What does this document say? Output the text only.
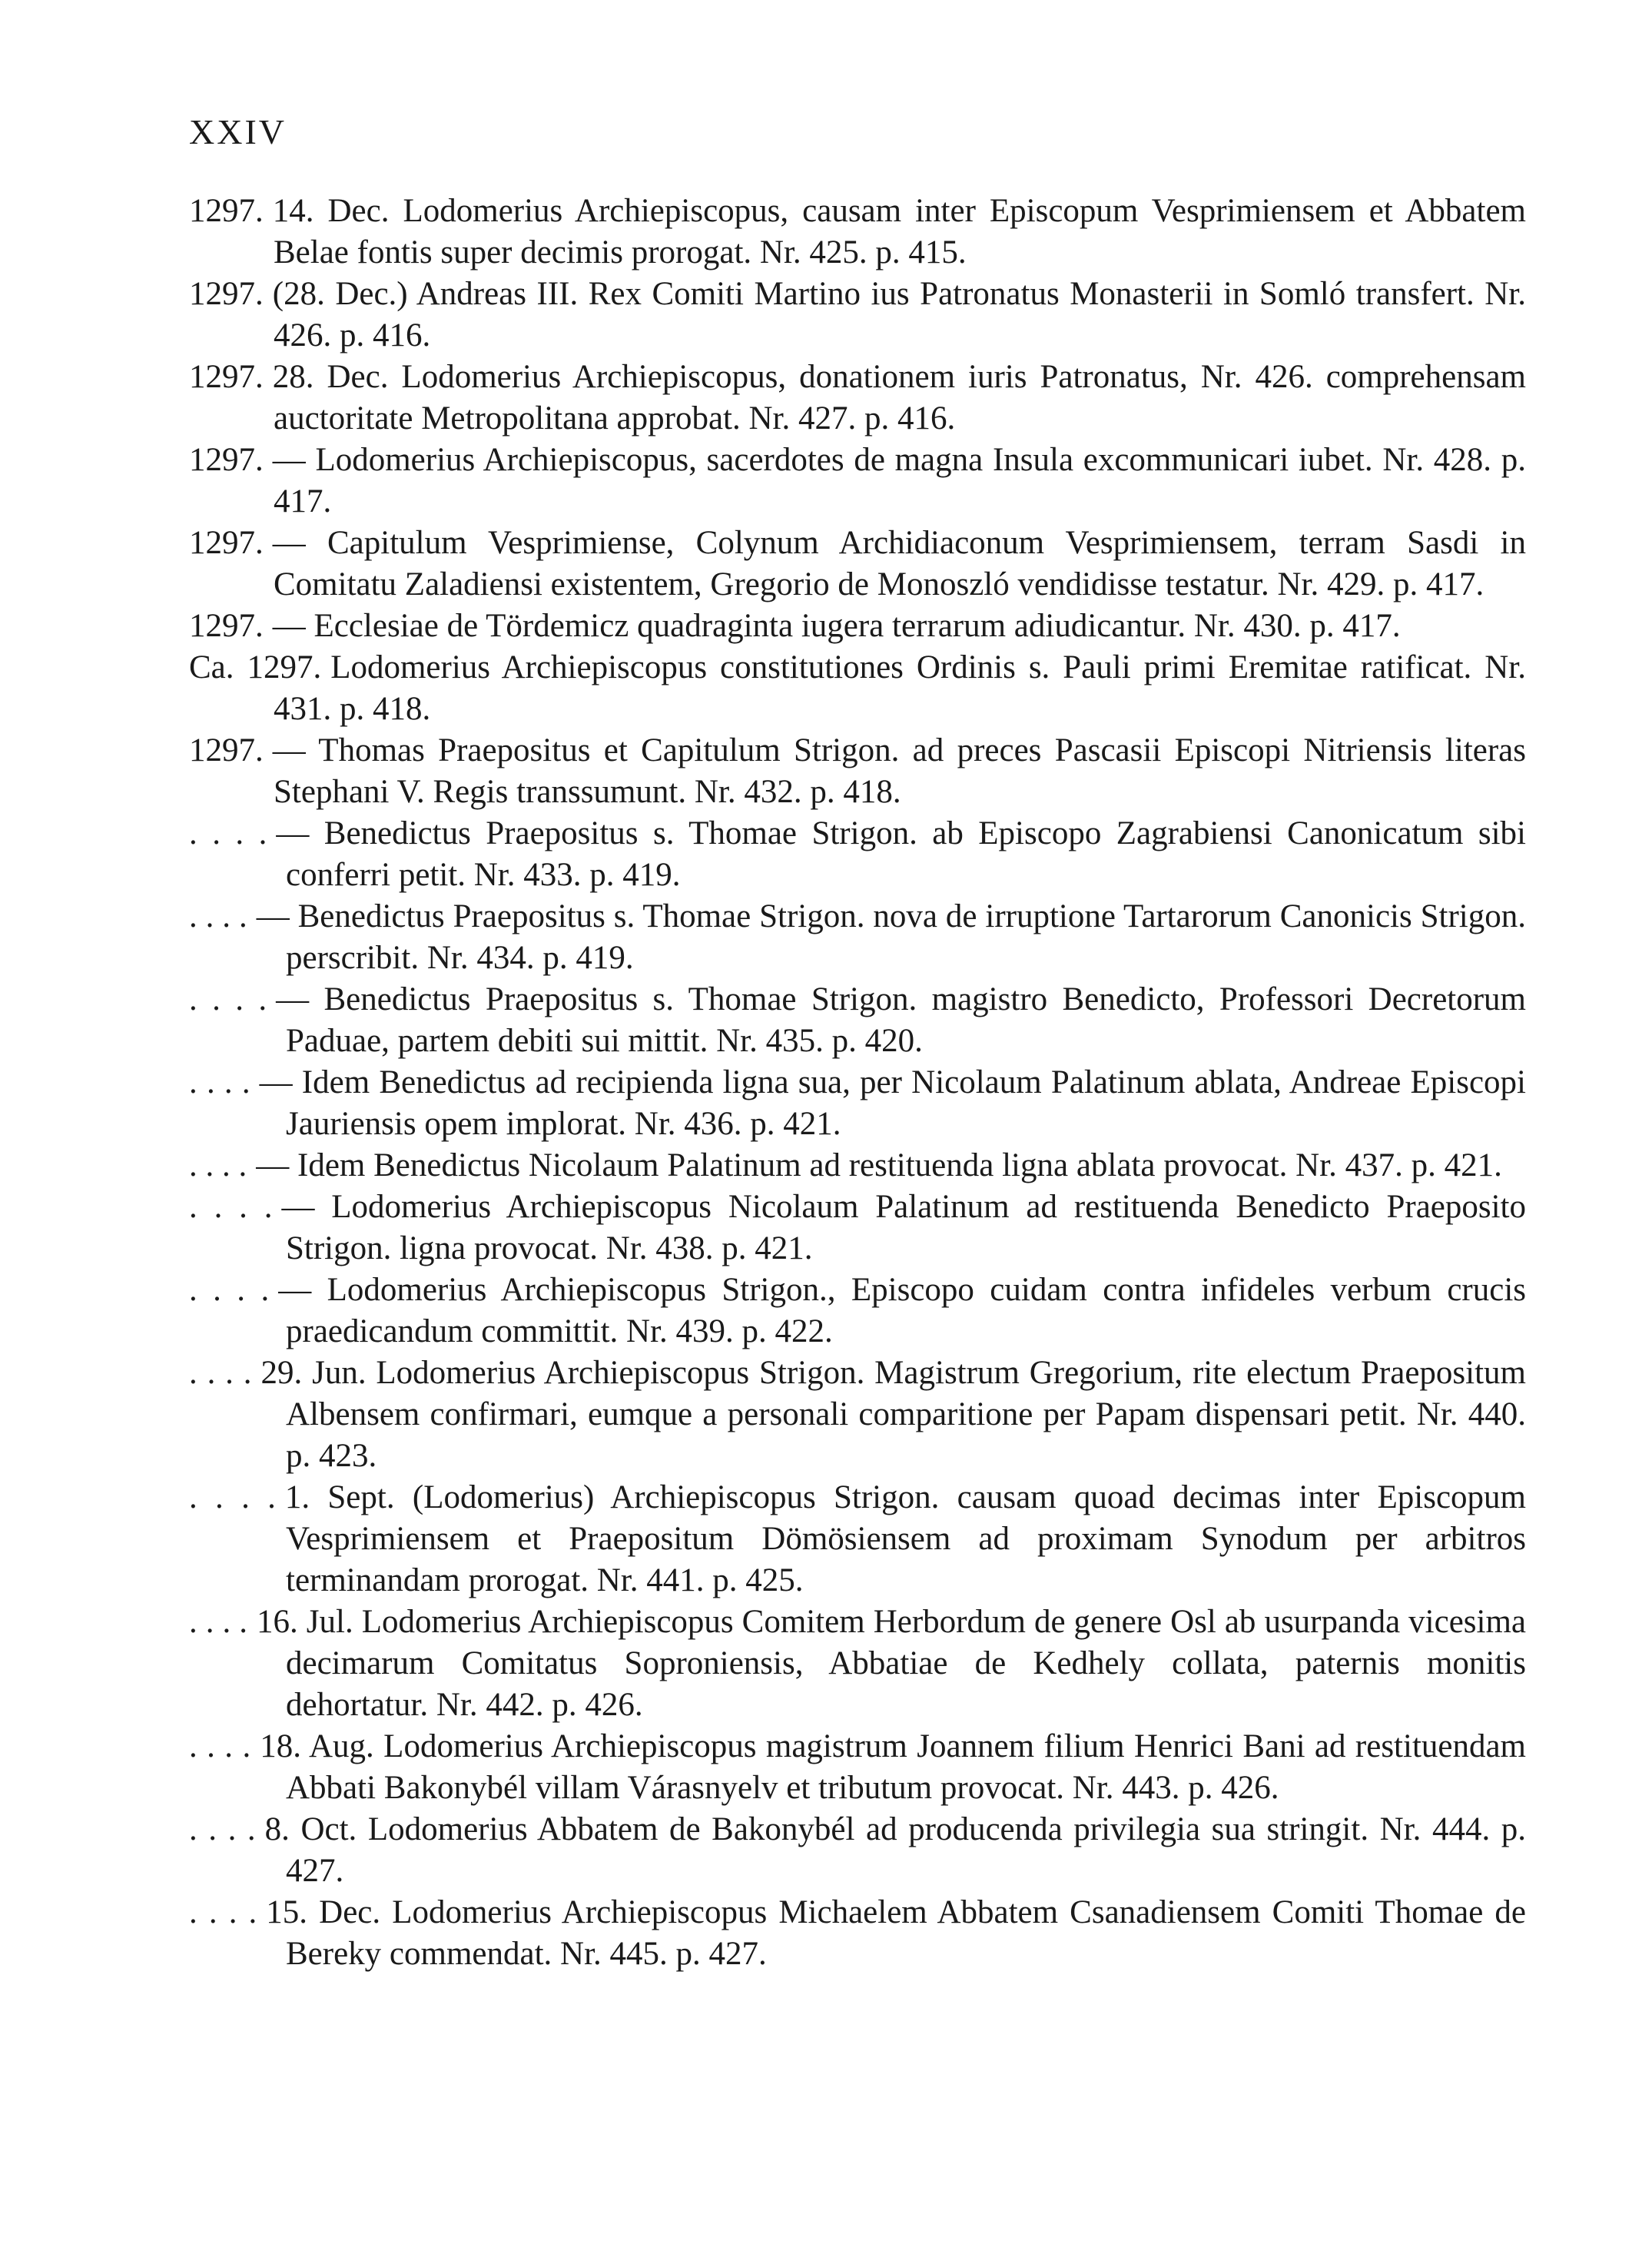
XXIV

1297. 14. Dec. Lodomerius Archiepiscopus, causam inter Episcopum Vesprimiensem et Abbatem Belae fontis super decimis prorogat. Nr. 425. p. 415.

1297. (28. Dec.) Andreas III. Rex Comiti Martino ius Patronatus Monasterii in Somló transfert. Nr. 426. p. 416.

1297. 28. Dec. Lodomerius Archiepiscopus, donationem iuris Patronatus, Nr. 426. comprehensam auctoritate Metropolitana approbat. Nr. 427. p. 416.

1297. — Lodomerius Archiepiscopus, sacerdotes de magna Insula excommunicari iubet. Nr. 428. p. 417.

1297. — Capitulum Vesprimiense, Colynum Archidiaconum Vesprimiensem, terram Sasdi in Comitatu Zaladiensi existentem, Gregorio de Monoszló vendidisse testatur. Nr. 429. p. 417.

1297. — Ecclesiae de Tördemicz quadraginta iugera terrarum adiudicantur. Nr. 430. p. 417.

Ca. 1297. Lodomerius Archiepiscopus constitutiones Ordinis s. Pauli primi Eremitae ratificat. Nr. 431. p. 418.

1297. — Thomas Praepositus et Capitulum Strigon. ad preces Pascasii Episcopi Nitriensis literas Stephani V. Regis transsumunt. Nr. 432. p. 418.

. . . . — Benedictus Praepositus s. Thomae Strigon. ab Episcopo Zagrabiensi Canonicatum sibi conferri petit. Nr. 433. p. 419.

. . . . — Benedictus Praepositus s. Thomae Strigon. nova de irruptione Tartarorum Canonicis Strigon. perscribit. Nr. 434. p. 419.

. . . . — Benedictus Praepositus s. Thomae Strigon. magistro Benedicto, Professori Decretorum Paduae, partem debiti sui mittit. Nr. 435. p. 420.

. . . . — Idem Benedictus ad recipienda ligna sua, per Nicolaum Palatinum ablata, Andreae Episcopi Jauriensis opem implorat. Nr. 436. p. 421.

. . . . — Idem Benedictus Nicolaum Palatinum ad restituenda ligna ablata provocat. Nr. 437. p. 421.

. . . . — Lodomerius Archiepiscopus Nicolaum Palatinum ad restituenda Benedicto Praeposito Strigon. ligna provocat. Nr. 438. p. 421.

. . . . — Lodomerius Archiepiscopus Strigon., Episcopo cuidam contra infideles verbum crucis praedicandum committit. Nr. 439. p. 422.

. . . . 29. Jun. Lodomerius Archiepiscopus Strigon. Magistrum Gregorium, rite electum Praepositum Albensem confirmari, eumque a personali comparitione per Papam dispensari petit. Nr. 440. p. 423.

. . . . 1. Sept. (Lodomerius) Archiepiscopus Strigon. causam quoad decimas inter Episcopum Vesprimiensem et Praepositum Dömösiensem ad proximam Synodum per arbitros terminandam prorogat. Nr. 441. p. 425.

. . . . 16. Jul. Lodomerius Archiepiscopus Comitem Herbordum de genere Osl ab usurpanda vicesima decimarum Comitatus Soproniensis, Abbatiae de Kedhely collata, paternis monitis dehortatur. Nr. 442. p. 426.

. . . . 18. Aug. Lodomerius Archiepiscopus magistrum Joannem filium Henrici Bani ad restituendam Abbati Bakonybél villam Várasnyelv et tributum provocat. Nr. 443. p. 426.

. . . . 8. Oct. Lodomerius Abbatem de Bakonybél ad producenda privilegia sua stringit. Nr. 444. p. 427.

. . . . 15. Dec. Lodomerius Archiepiscopus Michaelem Abbatem Csanadiensem Comiti Thomae de Bereky commendat. Nr. 445. p. 427.
